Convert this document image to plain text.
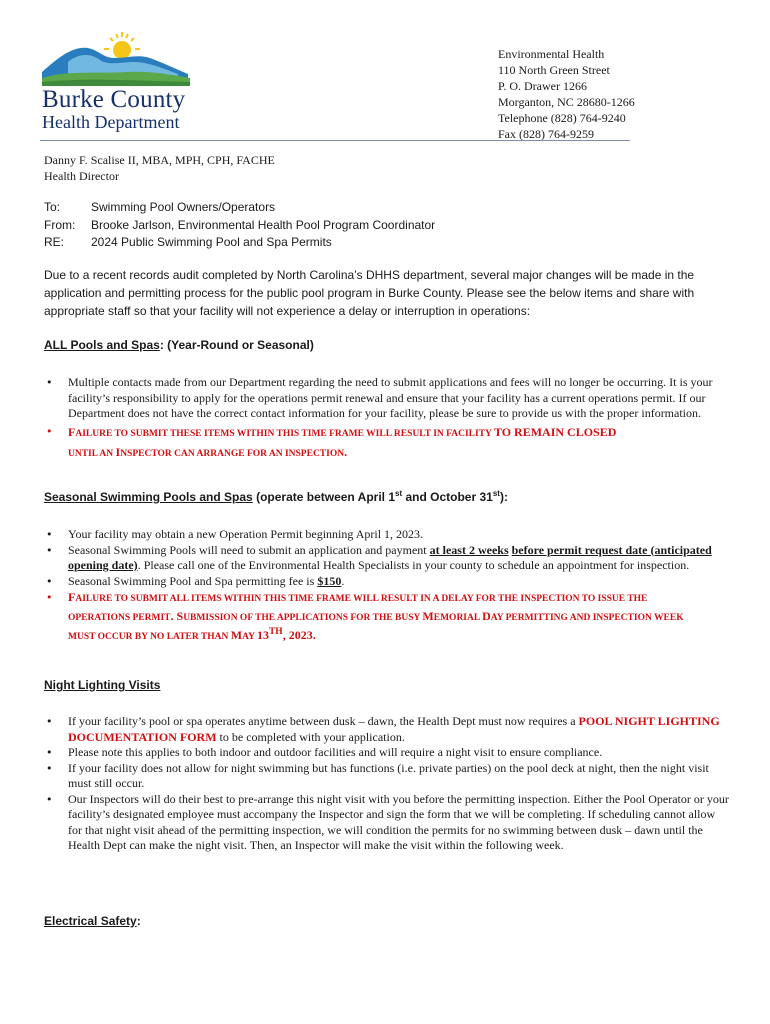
Burke County
Health Department
Environmental Health
110 North Green Street
P. O. Drawer 1266
Morganton, NC 28680-1266
Telephone (828) 764-9240
Fax (828) 764-9259
Danny F. Scalise II, MBA, MPH, CPH, FACHE
Health Director
To:	Swimming Pool Owners/Operators
From:	Brooke Jarlson, Environmental Health Pool Program Coordinator
RE:	2024 Public Swimming Pool and Spa Permits
Due to a recent records audit completed by North Carolina’s DHHS department, several major changes will be made in the application and permitting process for the public pool program in Burke County. Please see the below items and share with appropriate staff so that your facility will not experience a delay or interruption in operations:
ALL Pools and Spas: (Year-Round or Seasonal)
• Multiple contacts made from our Department regarding the need to submit applications and fees will no longer be occurring. It is your facility’s responsibility to apply for the operations permit renewal and ensure that your facility has a current operations permit. If our Department does not have the correct contact information for your facility, please be sure to provide us with the proper information.
• FAILURE TO SUBMIT THESE ITEMS WITHIN THIS TIME FRAME WILL RESULT IN FACILITY TO REMAIN CLOSED
UNTIL AN INSPECTOR CAN ARRANGE FOR AN INSPECTION.
Seasonal Swimming Pools and Spas (operate between April 1st and October 31st):
• Your facility may obtain a new Operation Permit beginning April 1, 2023.
• Seasonal Swimming Pools will need to submit an application and payment at least 2 weeks before permit request date (anticipated opening date). Please call one of the Environmental Health Specialists in your county to schedule an appointment for inspection.
• Seasonal Swimming Pool and Spa permitting fee is $150.
• FAILURE TO SUBMIT ALL ITEMS WITHIN THIS TIME FRAME WILL RESULT IN A DELAY FOR THE INSPECTION TO ISSUE THE OPERATIONS PERMIT. SUBMISSION OF THE APPLICATIONS FOR THE BUSY MEMORIAL DAY PERMITTING AND INSPECTION WEEK MUST OCCUR BY NO LATER THAN MAY 13TH, 2023.
Night Lighting Visits
• If your facility’s pool or spa operates anytime between dusk – dawn, the Health Dept must now requires a POOL NIGHT LIGHTING DOCUMENTATION FORM to be completed with your application.
• Please note this applies to both indoor and outdoor facilities and will require a night visit to ensure compliance.
• If your facility does not allow for night swimming but has functions (i.e. private parties) on the pool deck at night, then the night visit must still occur.
• Our Inspectors will do their best to pre-arrange this night visit with you before the permitting inspection. Either the Pool Operator or your facility’s designated employee must accompany the Inspector and sign the form that we will be completing. If scheduling cannot allow for that night visit ahead of the permitting inspection, we will condition the permits for no swimming between dusk – dawn until the Health Dept can make the night visit. Then, an Inspector will make the visit within the following week.
Electrical Safety:
